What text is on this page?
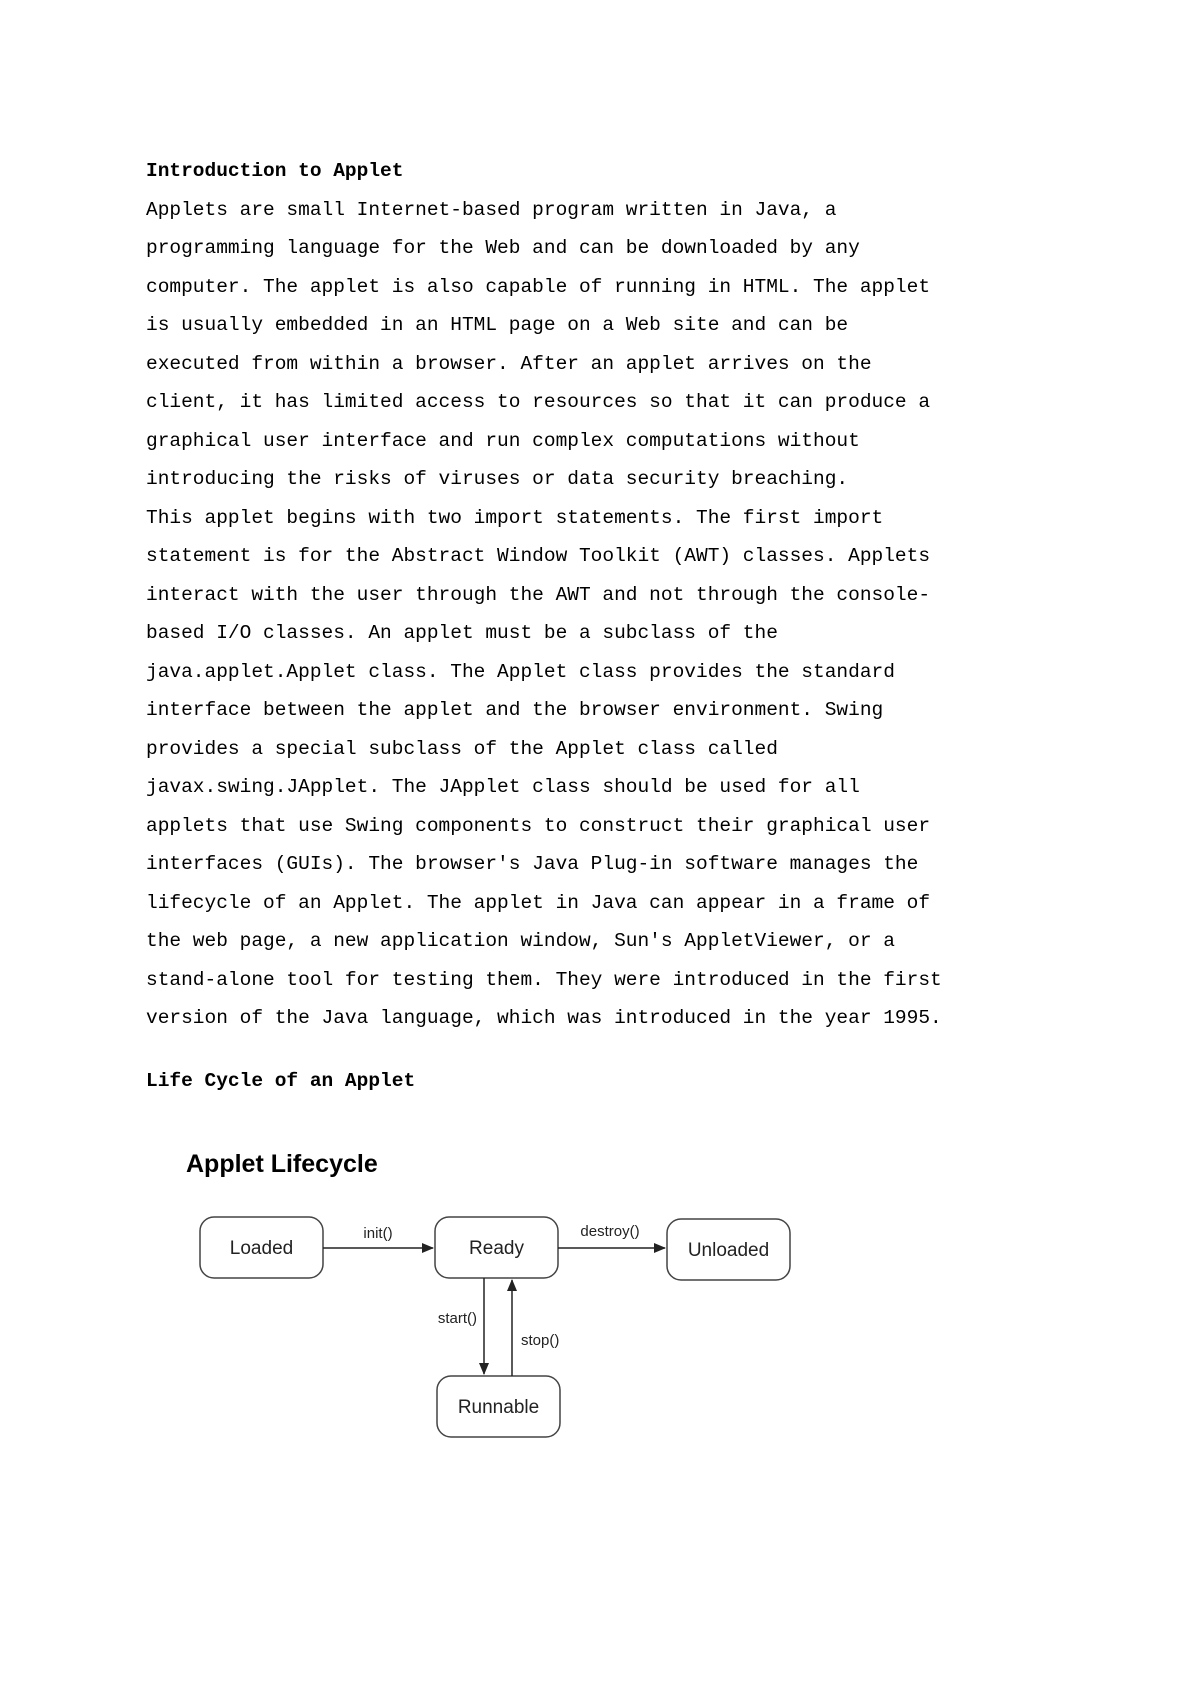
Introduction to Applet

Applets are small Internet-based program written in Java, a
programming language for the Web and can be downloaded by any
computer. The applet is also capable of running in HTML. The applet
is usually embedded in an HTML page on a Web site and can be
executed from within a browser. After an applet arrives on the
client, it has limited access to resources so that it can produce a
graphical user interface and run complex computations without
introducing the risks of viruses or data security breaching.

This applet begins with two import statements. The first import
statement is for the Abstract Window Toolkit (AWT) classes. Applets
interact with the user through the AWT and not through the console-
based I/O classes. An applet must be a subclass of the
java.applet.Applet class. The Applet class provides the standard
interface between the applet and the browser environment. Swing
provides a special subclass of the Applet class called
javax.swing.JApplet. The JApplet class should be used for all
applets that use Swing components to construct their graphical user
interfaces (GUIs). The browser's Java Plug-in software manages the
lifecycle of an Applet. The applet in Java can appear in a frame of
the web page, a new application window, Sun's AppletViewer, or a
stand-alone tool for testing them. They were introduced in the first
version of the Java language, which was introduced in the year 1995.

Life Cycle of an Applet

Applet Lifecycle
Loaded	Ready	Unloaded
Runnable
init()	destroy()
start()
stop()
